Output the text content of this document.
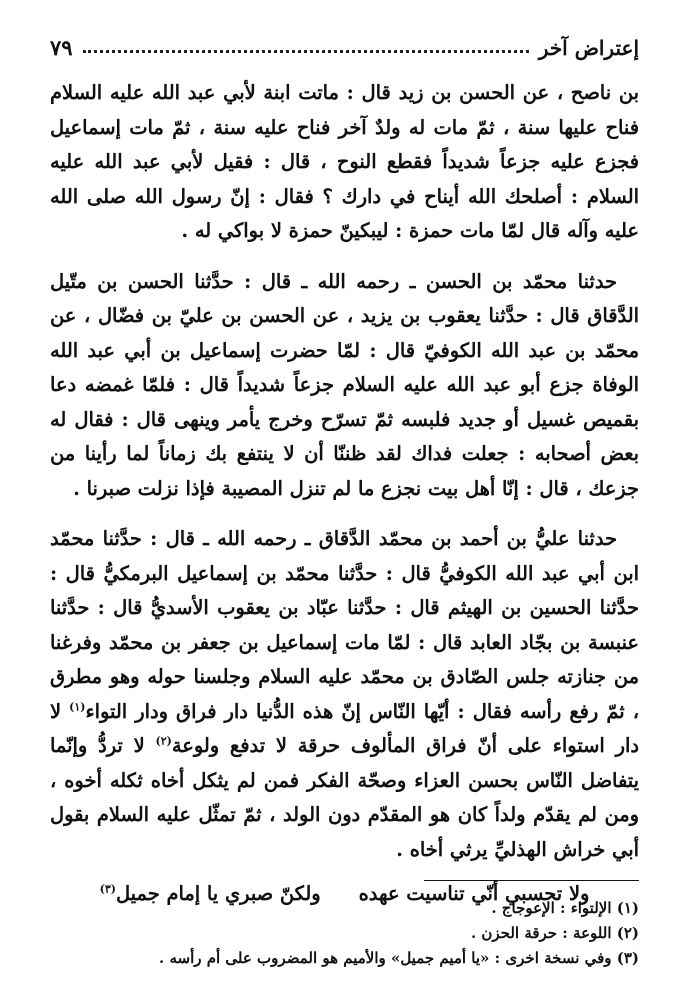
إعتراض آخر
٧٩

بن ناصح ، عن الحسن بن زيد قال : ماتت ابنة لأبي عبد الله عليه السلام فناح عليها سنة ، ثمّ مات له ولدٌ آخر فناح عليه سنة ، ثمّ مات إسماعيل فجزع عليه جزعاً شديداً فقطع النوح ، قال : فقيل لأبي عبد الله عليه السلام : أصلحك الله أيناح في دارك ؟ فقال : إنّ رسول الله صلى الله عليه وآله قال لمّا مات حمزة : ليبكينّ حمزة لا بواكي له .

حدثنا محمّد بن الحسن ـ رحمه الله ـ قال : حدَّثنا الحسن بن متّيل الدَّقاق قال : حدَّثنا يعقوب بن يزيد ، عن الحسن بن عليّ بن فضّال ، عن محمّد بن عبد الله الكوفيّ قال : لمّا حضرت إسماعيل بن أبي عبد الله الوفاة جزع أبو عبد الله عليه السلام جزعاً شديداً قال : فلمّا غمضه دعا بقميص غسيل أو جديد فلبسه ثمّ تسرّح وخرج يأمر وينهى قال : فقال له بعض أصحابه : جعلت فداك لقد ظننّا أن لا ينتفع بك زماناً لما رأينا من جزعك ، قال : إنّا أهل بيت نجزع ما لم تنزل المصيبة فإذا نزلت صبرنا .

حدثنا عليُّ بن أحمد بن محمّد الدَّقاق ـ رحمه الله ـ قال : حدَّثنا محمّد ابن أبي عبد الله الكوفيُّ قال : حدَّثنا محمّد بن إسماعيل البرمكيُّ قال : حدَّثنا الحسين بن الهيثم قال : حدَّثنا عبّاد بن يعقوب الأسديُّ قال : حدَّثنا عنبسة بن بجّاد العابد قال : لمّا مات إسماعيل بن جعفر بن محمّد وفرغنا من جنازته جلس الصّادق بن محمّد عليه السلام وجلسنا حوله وهو مطرق ، ثمّ رفع رأسه فقال : أيّها النّاس إنّ هذه الدُّنيا دار فراق ودار التواء$^{(١)}$ لا دار استواء على أنّ فراق المألوف حرقة لا تدفع ولوعة$^{(٢)}$ لا تردُّ وإنّما يتفاضل النّاس بحسن العزاء وصحّة الفكر فمن لم يثكل أخاه ثكله أخوه ، ومن لم يقدّم ولداً كان هو المقدّم دون الولد ، ثمّ تمثّل عليه السلام بقول أبي خراش الهذليِّ يرثي أخاه .

ولا تحسبي أنّي تناسيت عهده
ولكنّ صبري يا إمام جميل$^{(٣)}$
(١) الإلتواء : الإعوجاج .
(٢) اللوعة : حرقة الحزن .
(٣) وفي نسخة اخرى : «يا أميم جميل» والأميم هو المضروب على أم رأسه .
